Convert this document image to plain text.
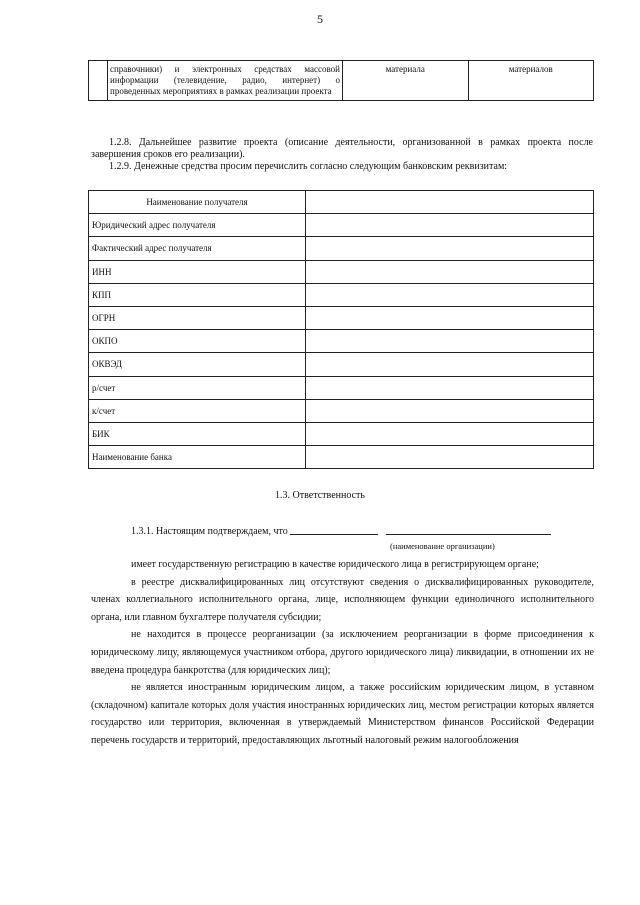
5
	справочники) и электронных средствах массовой информации (телевидение, радио, интернет) о проведенных мероприятиях в рамках реализации проекта	материала	материалов
1.2.8. Дальнейшее развитие проекта (описание деятельности, организованной в рамках проекта после завершения сроков его реализации).
1.2.9. Денежные средства просим перечислить согласно следующим банковским реквизитам:
Наименование получателя	
Юридический адрес получателя	
Фактический адрес получателя	
ИНН	
КПП	
ОГРН	
ОКПО	
ОКВЭД	
р/счет	
к/счет	
БИК	
Наименование банка	
1.3. Ответственность
1.3.1. Настоящим подтверждаем, что
(наименование организации)

имеет государственную регистрацию в качестве юридического лица в регистрирующем органе;

в реестре дисквалифицированных лиц отсутствуют сведения о дисквалифицированных руководителе, членах коллегиального исполнительного органа, лице, исполняющем функции единоличного исполнительного органа, или главном бухгалтере получателя субсидии;

не находится в процессе реорганизации (за исключением реорганизации в форме присоединения к юридическому лицу, являющемуся участником отбора, другого юридического лица) ликвидации, в отношении их не введена процедура банкротства (для юридических лиц);

не является иностранным юридическим лицом, а также российским юридическим лицом, в уставном (складочном) капитале которых доля участия иностранных юридических лиц, местом регистрации которых является государство или территория, включенная в утверждаемый Министерством финансов Российской Федерации перечень государств и территорий, предоставляющих льготный налоговый режим налогообложения
